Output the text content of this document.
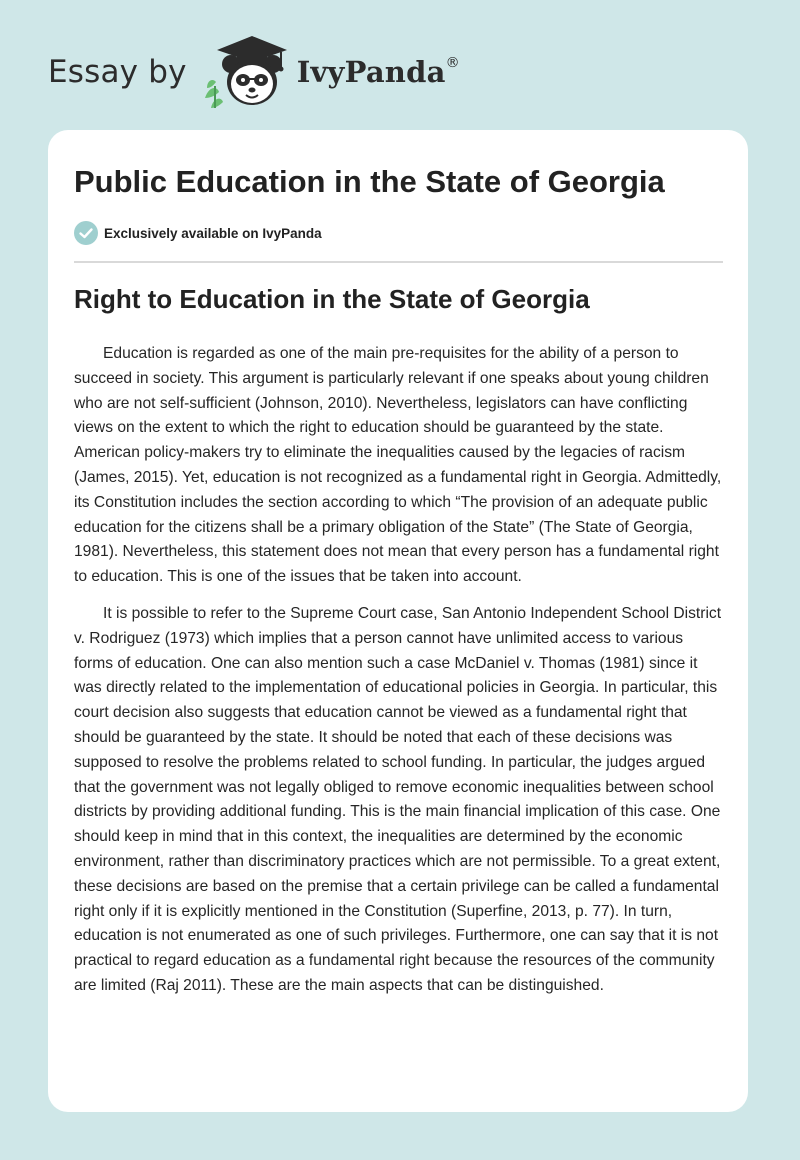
Essay by	IvyPanda®
Public Education in the State of Georgia
Exclusively available on IvyPanda
Right to Education in the State of Georgia

Education is regarded as one of the main pre-requisites for the ability of a person to succeed in society. This argument is particularly relevant if one speaks about young children who are not self-sufficient (Johnson, 2010). Nevertheless, legislators can have conflicting views on the extent to which the right to education should be guaranteed by the state. American policy-makers try to eliminate the inequalities caused by the legacies of racism (James, 2015). Yet, education is not recognized as a fundamental right in Georgia. Admittedly, its Constitution includes the section according to which “The provision of an adequate public education for the citizens shall be a primary obligation of the State” (The State of Georgia, 1981). Nevertheless, this statement does not mean that every person has a fundamental right to education. This is one of the issues that be taken into account.

It is possible to refer to the Supreme Court case, San Antonio Independent School District v. Rodriguez (1973) which implies that a person cannot have unlimited access to various forms of education. One can also mention such a case McDaniel v. Thomas (1981) since it was directly related to the implementation of educational policies in Georgia. In particular, this court decision also suggests that education cannot be viewed as a fundamental right that should be guaranteed by the state. It should be noted that each of these decisions was supposed to resolve the problems related to school funding. In particular, the judges argued that the government was not legally obliged to remove economic inequalities between school districts by providing additional funding. This is the main financial implication of this case. One should keep in mind that in this context, the inequalities are determined by the economic environment, rather than discriminatory practices which are not permissible. To a great extent, these decisions are based on the premise that a certain privilege can be called a fundamental right only if it is explicitly mentioned in the Constitution (Superfine, 2013, p. 77). In turn, education is not enumerated as one of such privileges. Furthermore, one can say that it is not practical to regard education as a fundamental right because the resources of the community are limited (Raj 2011). These are the main aspects that can be distinguished.
